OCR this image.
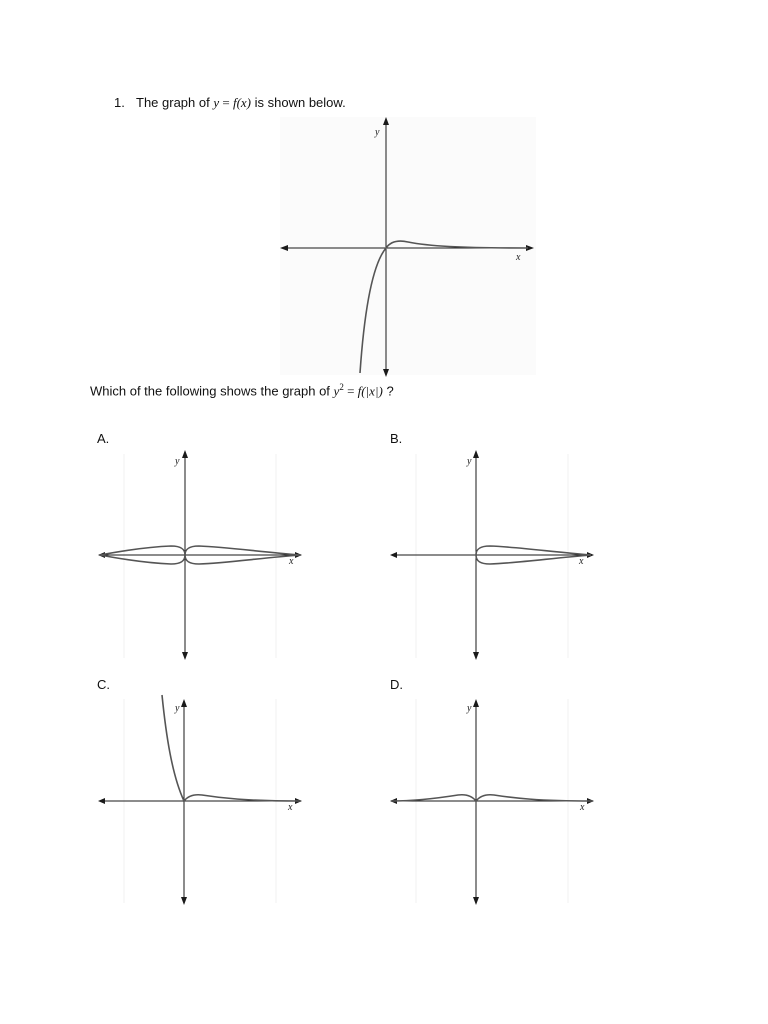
1. The graph of y = f(x) is shown below.
x
y
Which of the following shows the graph of $y^2 = f(|x|)$ ?
A.	B.
C.	D.
x
y
x
y
x
y
x
y
